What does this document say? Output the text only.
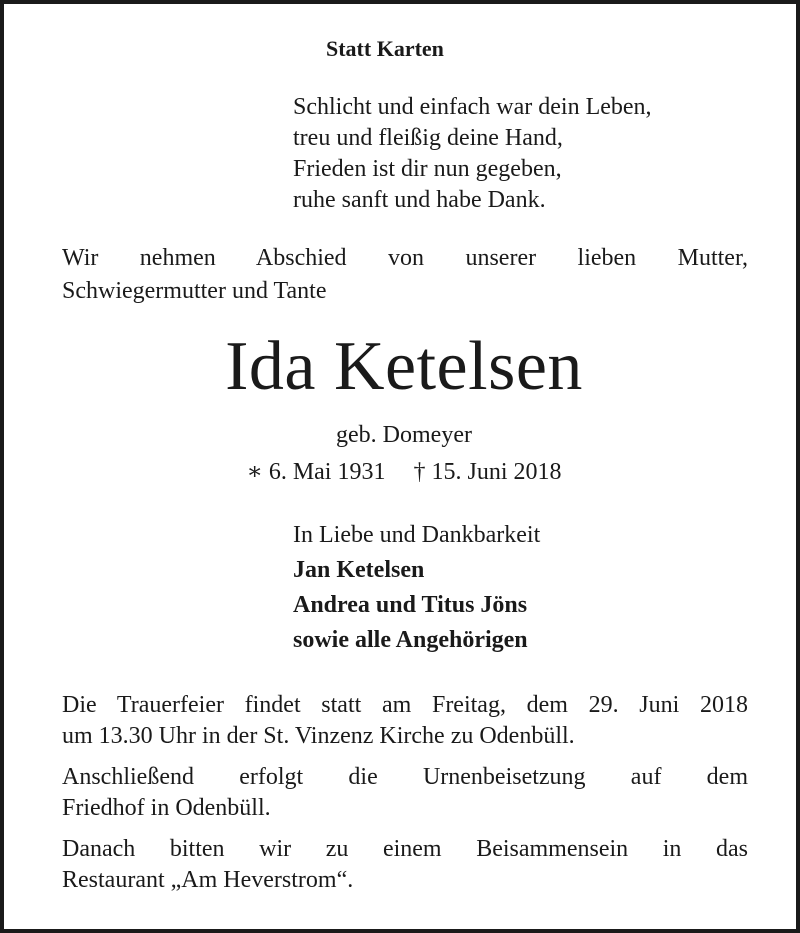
Statt Karten
Schlicht und einfach war dein Leben,
treu und fleißig deine Hand,
Frieden ist dir nun gegeben,
ruhe sanft und habe Dank.
Wir nehmen Abschied von unserer lieben Mutter,
Schwiegermutter und Tante
Ida Ketelsen
geb. Domeyer
∗ 6. Mai 1931 † 15. Juni 2018
In Liebe und Dankbarkeit
Jan Ketelsen
Andrea und Titus Jöns
sowie alle Angehörigen

Die Trauerfeier findet statt am Freitag, dem 29. Juni 2018
um 13.30 Uhr in der St. Vinzenz Kirche zu Odenbüll.

Anschließend erfolgt die Urnenbeisetzung auf dem
Friedhof in Odenbüll.

Danach bitten wir zu einem Beisammensein in das
Restaurant „Am Heverstrom“.
